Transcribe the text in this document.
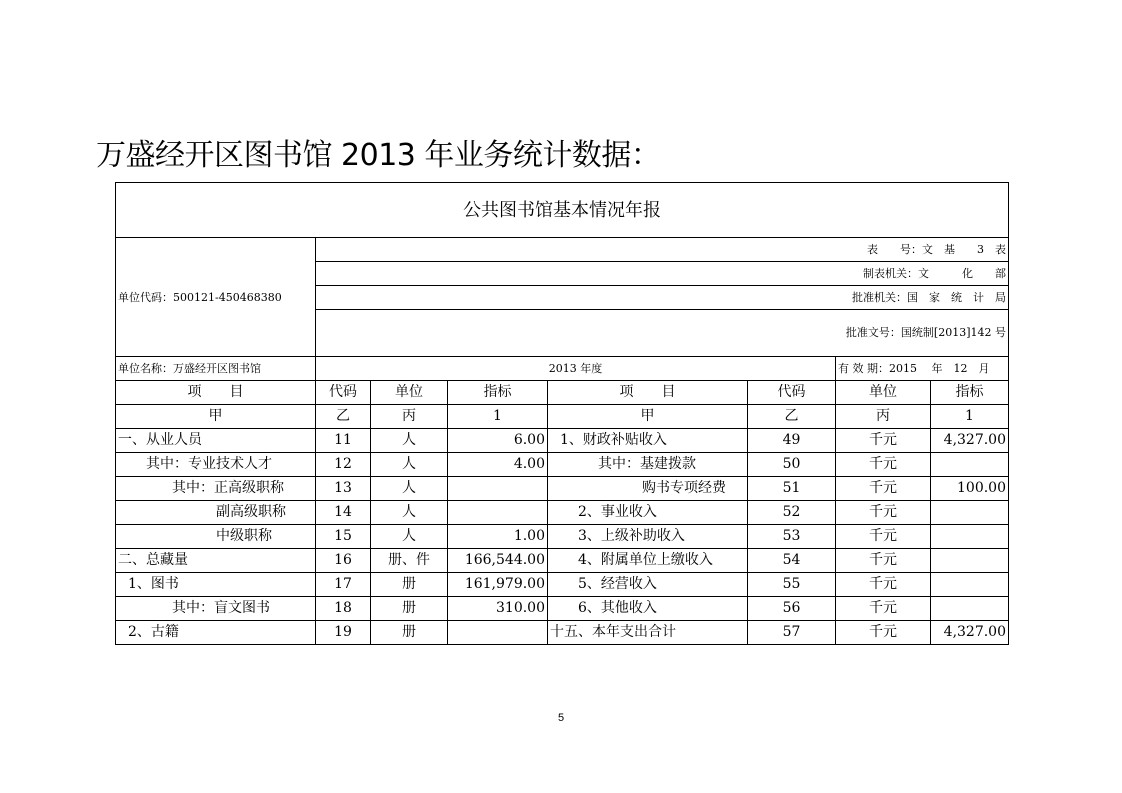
万盛经开区图书馆 2013 年业务统计数据：
公共图书馆基本情况年报							
单位代码：500121-450468380	表　　号：文　基　　3　表						
	制表机关：文　　　化　　部						
	批准机关：国　家　统　计　局						
	批准文号：国统制[2013]142 号						
单位名称：万盛经开区图书馆	2013 年度					有 效 期：2015　 年　12　月	
项　　目	代码	单位	指标	项　　目	代码	单位	指标
甲	乙	丙	1	甲	乙	丙	1
一、从业人员	11	人	6.00	1、财政补贴收入	49	千元	4,327.00
其中：专业技术人才	12	人	4.00	其中：基建拨款	50	千元	
其中：正高级职称	13	人		购书专项经费	51	千元	100.00
副高级职称	14	人		2、事业收入	52	千元	
中级职称	15	人	1.00	3、上级补助收入	53	千元	
二、总藏量	16	册、件	166,544.00	4、附属单位上缴收入	54	千元	
1、图书	17	册	161,979.00	5、经营收入	55	千元	
其中：盲文图书	18	册	310.00	6、其他收入	56	千元	
2、古籍	19	册		十五、本年支出合计	57	千元	4,327.00
5
